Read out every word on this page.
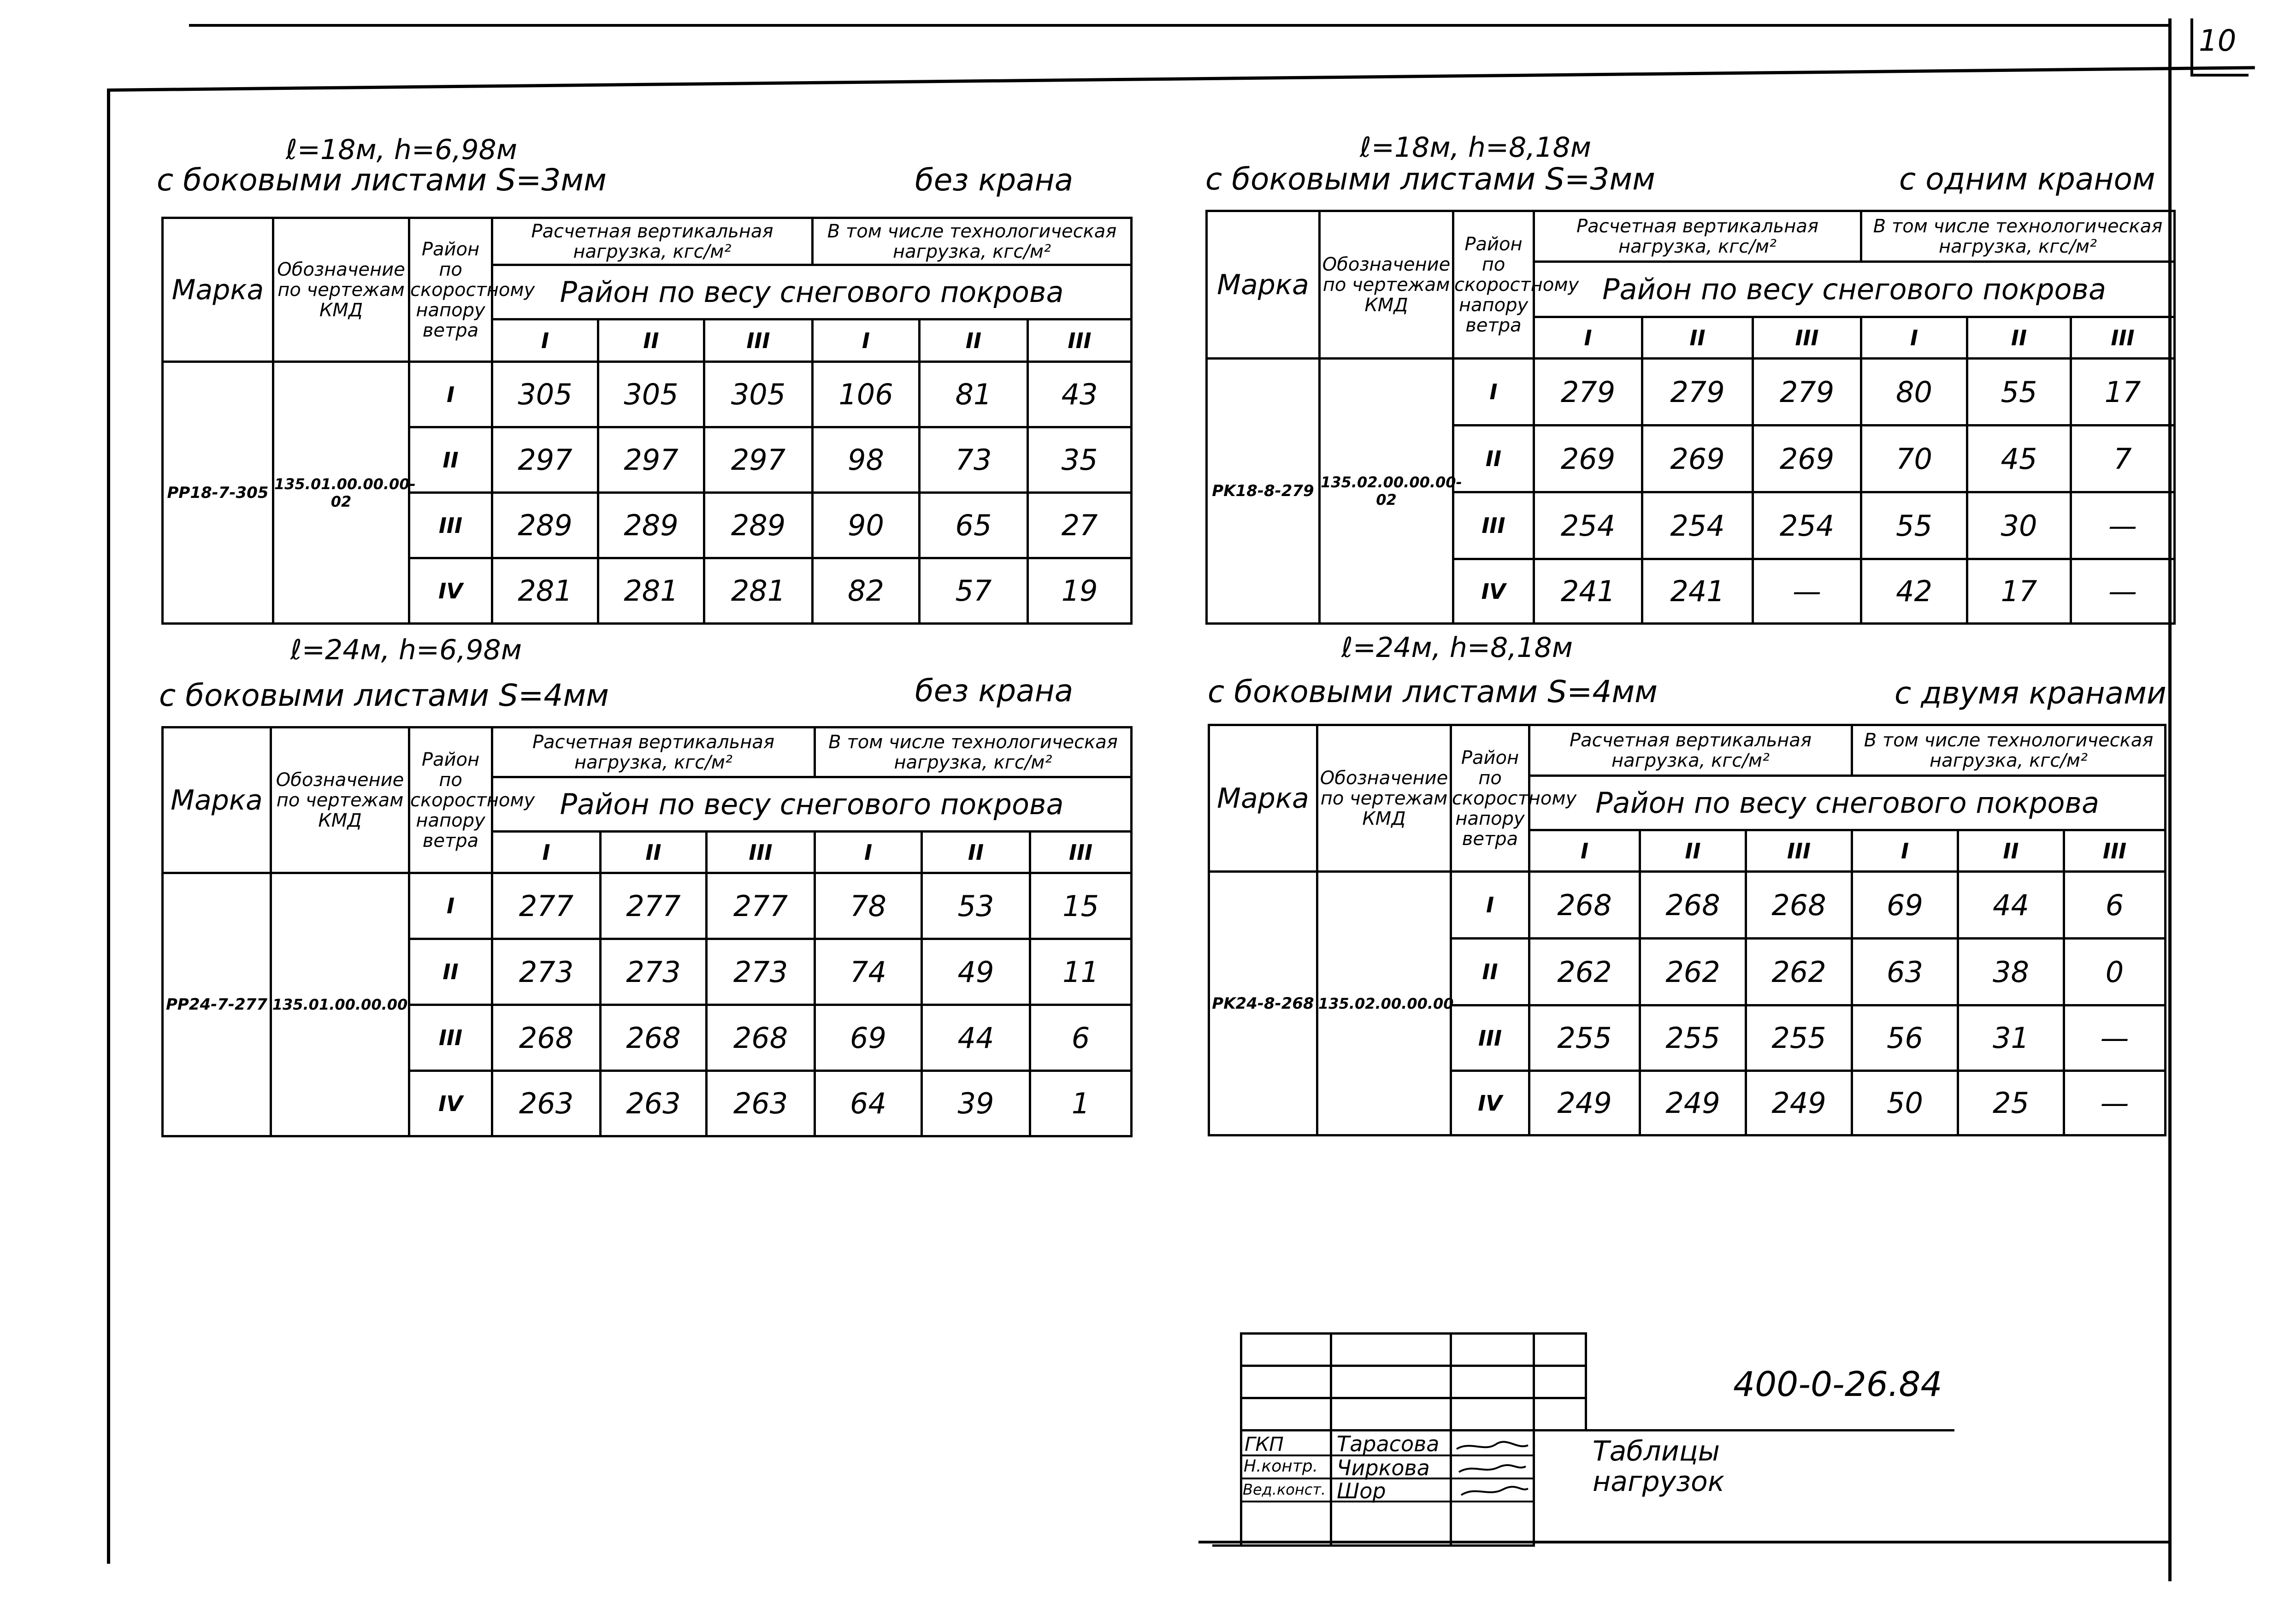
10
ℓ=18м, h=6,98м
с боковыми листами S=3мм	без крана
ℓ=18м, h=8,18м
с боковыми листами S=3мм	с одним краном
ℓ=24м, h=6,98м
с боковыми листами S=4мм	без крана
ℓ=24м, h=8,18м
с боковыми листами S=4мм	с двумя кранами
Марка	Обозначение по чертежам КМД	Район по скоростному напору ветра	Расчетная вертикальная нагрузка, кгс/м²			В том числе технологическая нагрузка, кгс/м²		
			Район по весу снегового покрова					
			I	II	III	I	II	III
PP18-7-305	135.01.00.00.00-02	I	305	305	305	106	81	43
		II	297	297	297	98	73	35
		III	289	289	289	90	65	27
		IV	281	281	281	82	57	19
Марка	Обозначение по чертежам КМД	Район по скоростному напору ветра	Расчетная вертикальная нагрузка, кгс/м²			В том числе технологическая нагрузка, кгс/м²		
			Район по весу снегового покрова					
			I	II	III	I	II	III
PK18-8-279	135.02.00.00.00-02	I	279	279	279	80	55	17
		II	269	269	269	70	45	7
		III	254	254	254	55	30	—
		IV	241	241	—	42	17	—
Марка	Обозначение по чертежам КМД	Район по скоростному напору ветра	Расчетная вертикальная нагрузка, кгс/м²			В том числе технологическая нагрузка, кгс/м²		
			Район по весу снегового покрова					
			I	II	III	I	II	III
PP24-7-277	135.01.00.00.00	I	277	277	277	78	53	15
		II	273	273	273	74	49	11
		III	268	268	268	69	44	6
		IV	263	263	263	64	39	1
Марка	Обозначение по чертежам КМД	Район по скоростному напору ветра	Расчетная вертикальная нагрузка, кгс/м²			В том числе технологическая нагрузка, кгс/м²		
			Район по весу снегового покрова					
			I	II	III	I	II	III
PK24-8-268	135.02.00.00.00	I	268	268	268	69	44	6
		II	262	262	262	63	38	0
		III	255	255	255	56	31	—
		IV	249	249	249	50	25	—
400-0-26.84
Таблицы нагрузок
ГКП
Н.контр.
Вед.конст.
Тарасова
Чиркова
Шор
